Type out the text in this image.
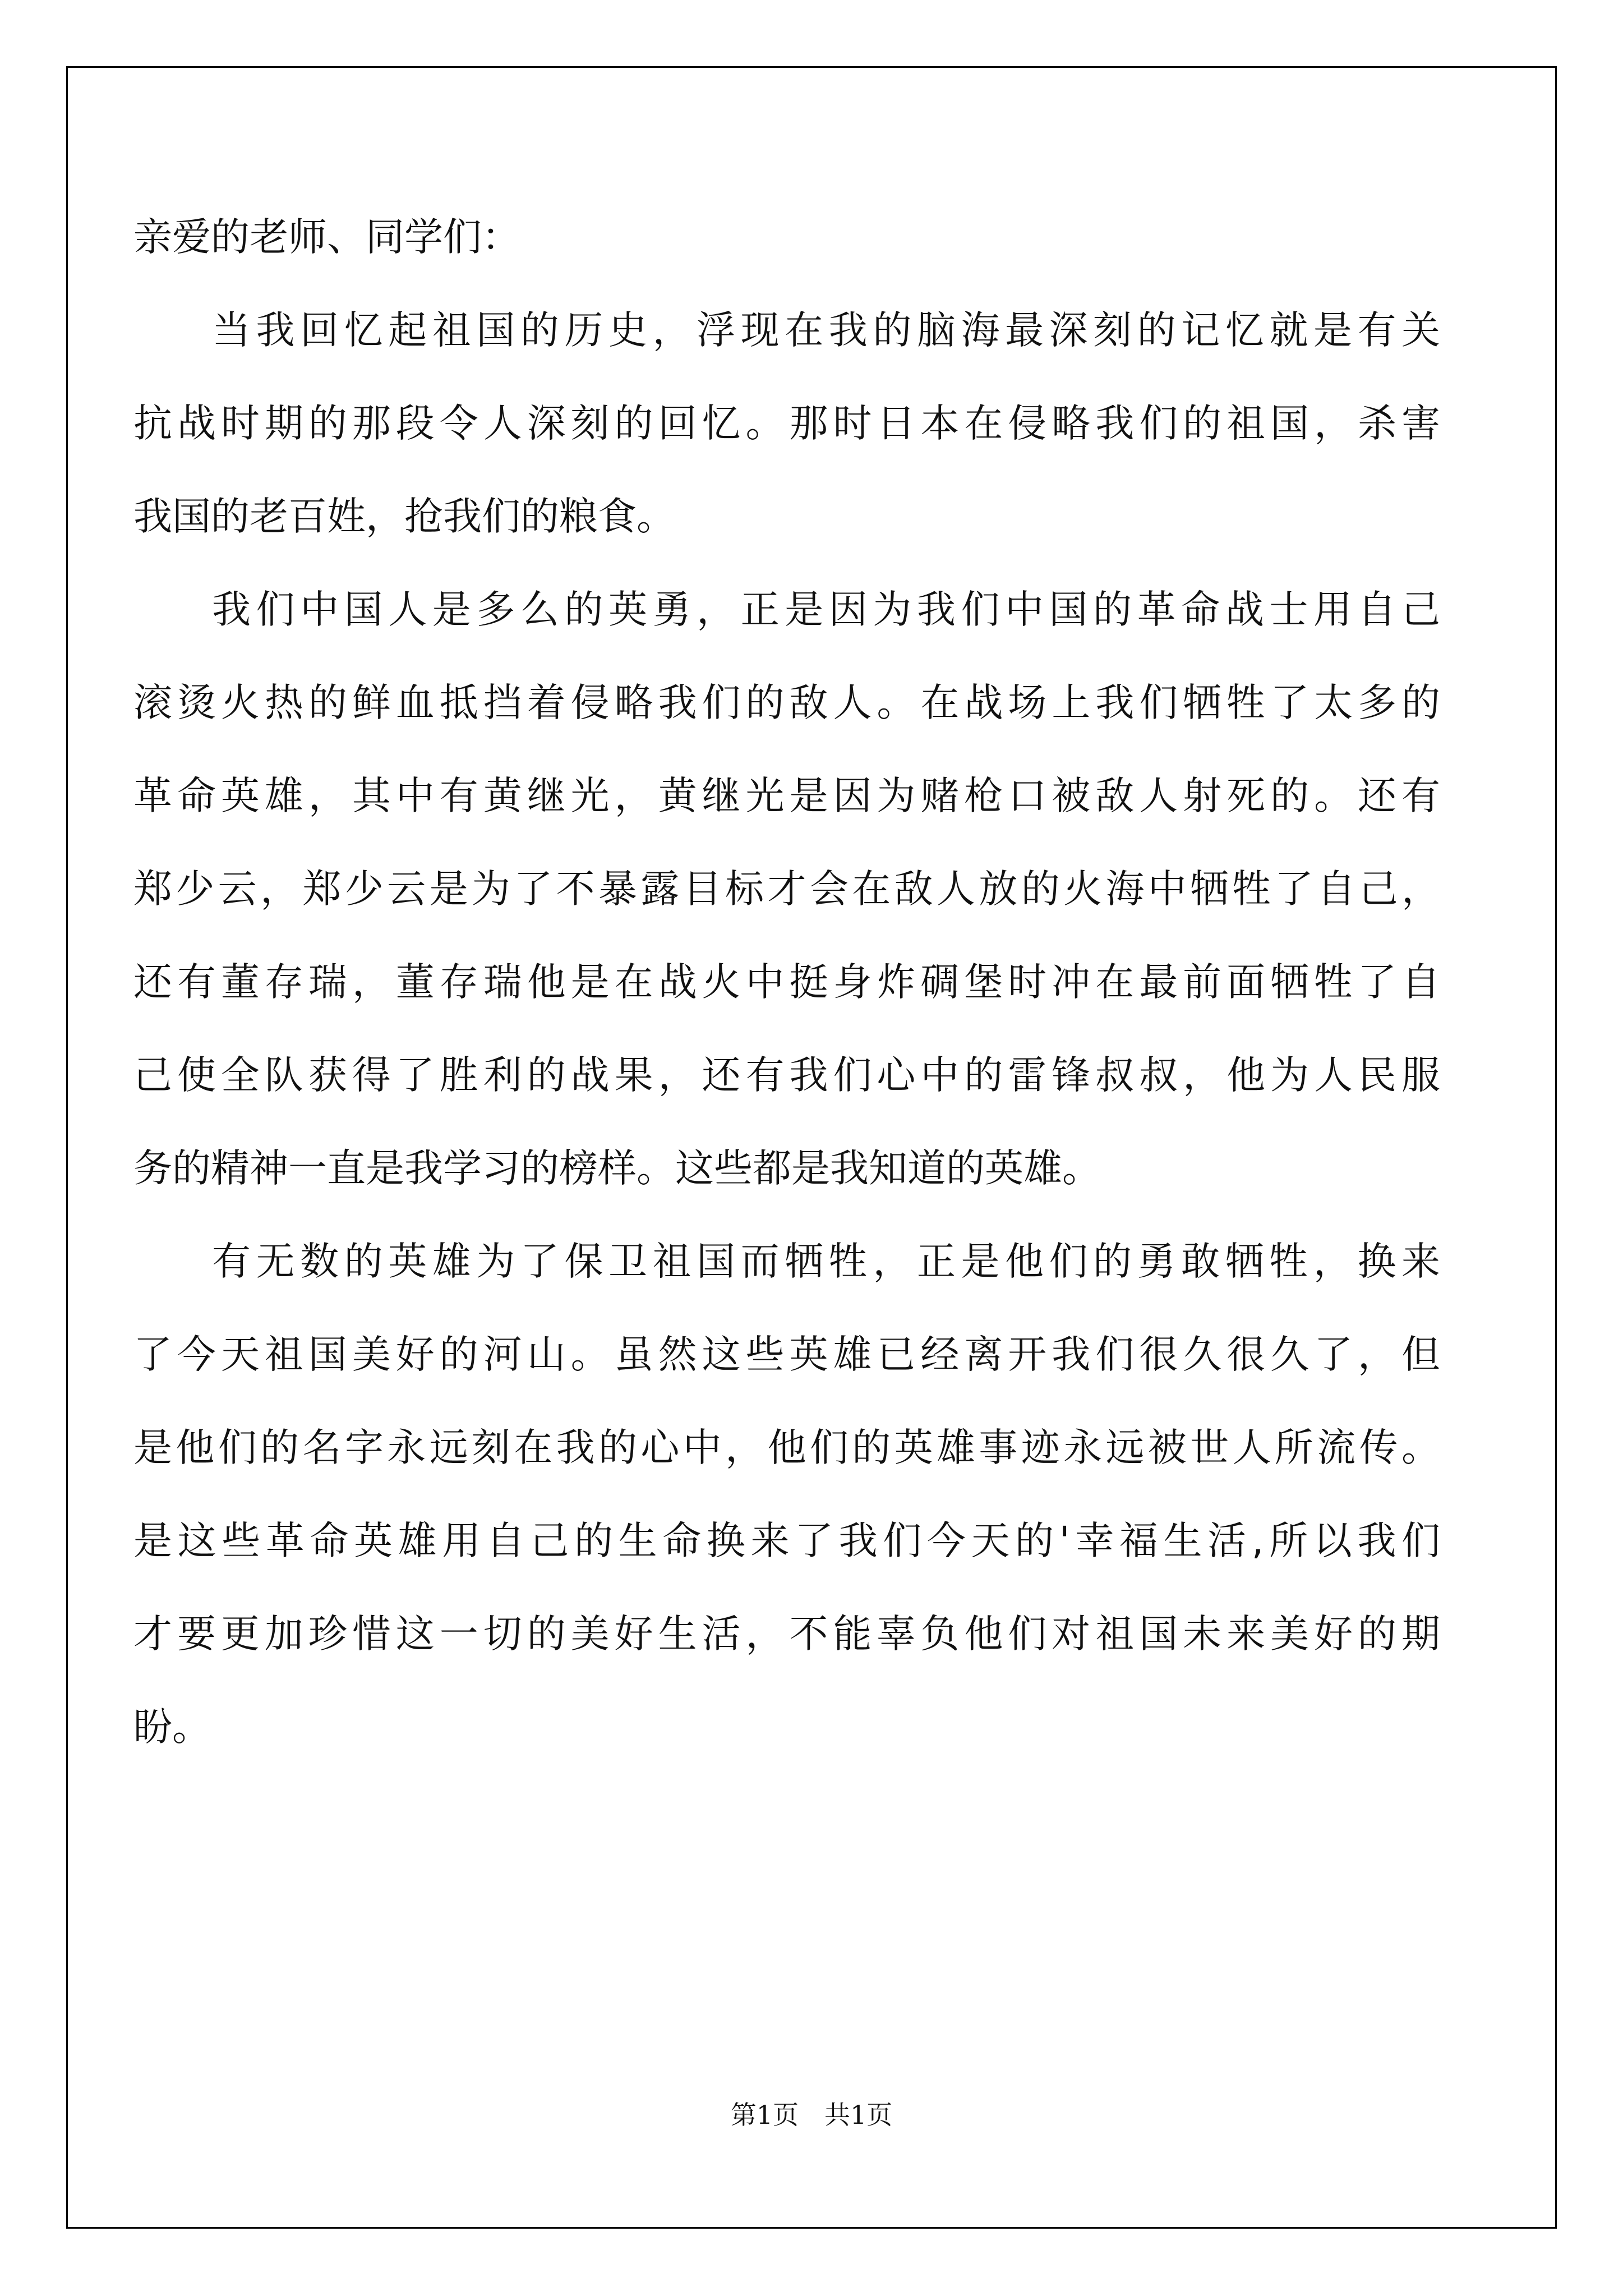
亲爱的老师、同学们：
当我回忆起祖国的历史，浮现在我的脑海最深刻的记忆就是有关
抗战时期的那段令人深刻的回忆。那时日本在侵略我们的祖国，杀害
我国的老百姓，抢我们的粮食。
我们中国人是多么的英勇，正是因为我们中国的革命战士用自己
滚烫火热的鲜血抵挡着侵略我们的敌人。在战场上我们牺牲了太多的
革命英雄，其中有黄继光，黄继光是因为赌枪口被敌人射死的。还有
郑少云，郑少云是为了不暴露目标才会在敌人放的火海中牺牲了自己，
还有董存瑞，董存瑞他是在战火中挺身炸碉堡时冲在最前面牺牲了自
己使全队获得了胜利的战果，还有我们心中的雷锋叔叔，他为人民服
务的精神一直是我学习的榜样。这些都是我知道的英雄。
有无数的英雄为了保卫祖国而牺牲，正是他们的勇敢牺牲，换来
了今天祖国美好的河山。虽然这些英雄已经离开我们很久很久了，但
是他们的名字永远刻在我的心中，他们的英雄事迹永远被世人所流传。
是这些革命英雄用自己的生命换来了我们今天的'幸福生活,所以我们
才要更加珍惜这一切的美好生活，不能辜负他们对祖国未来美好的期
盼。
第1页 共1页
